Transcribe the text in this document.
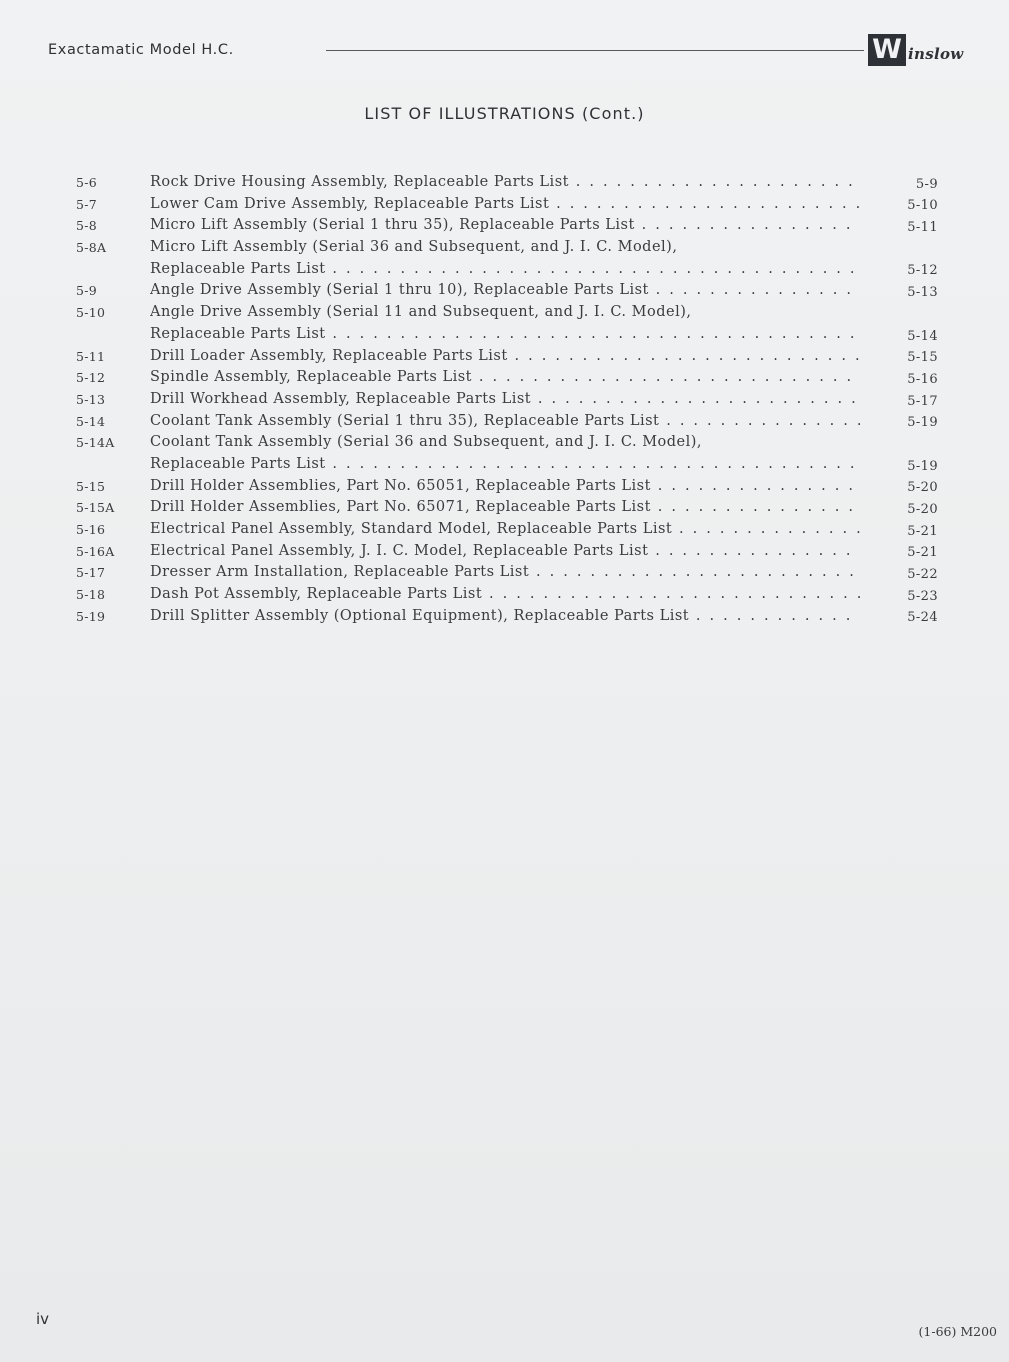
Exactamatic Model H.C.	W inslow
LIST OF ILLUSTRATIONS (Cont.)
5-6	Rock Drive Housing Assembly, Replaceable Parts List . . .	5-9
5-7	Lower Cam Drive Assembly, Replaceable Parts List . . .	5-10
5-8	Micro Lift Assembly (Serial 1 thru 35), Replaceable Parts List . . .	5-11
5-8A	Micro Lift Assembly (Serial 36 and Subsequent, and J. I. C. Model),
Replaceable Parts List . . .	5-12
5-9	Angle Drive Assembly (Serial 1 thru 10), Replaceable Parts List . . .	5-13
5-10	Angle Drive Assembly (Serial 11 and Subsequent, and J. I. C. Model),
Replaceable Parts List . . .	5-14
5-11	Drill Loader Assembly, Replaceable Parts List . . .	5-15
5-12	Spindle Assembly, Replaceable Parts List . . .	5-16
5-13	Drill Workhead Assembly, Replaceable Parts List . . .	5-17
5-14	Coolant Tank Assembly (Serial 1 thru 35), Replaceable Parts List . . .	5-19
5-14A Coolant Tank Assembly (Serial 36 and Subsequent, and J. I. C. Model),
Replaceable Parts List . . .	5-19
5-15	Drill Holder Assemblies, Part No. 65051, Replaceable Parts List . . .	5-20
5-15A Drill Holder Assemblies, Part No. 65071, Replaceable Parts List . . .	5-20
5-16	Electrical Panel Assembly, Standard Model, Replaceable Parts List . . .	5-21
5-16A Electrical Panel Assembly, J. I. C. Model, Replaceable Parts List . . .	5-21
5-17	Dresser Arm Installation, Replaceable Parts List . . .	5-22
5-18	Dash Pot Assembly, Replaceable Parts List . . .	5-23
5-19	Drill Splitter Assembly (Optional Equipment), Replaceable Parts List . . .	5-24
iv
(1-66) M200
